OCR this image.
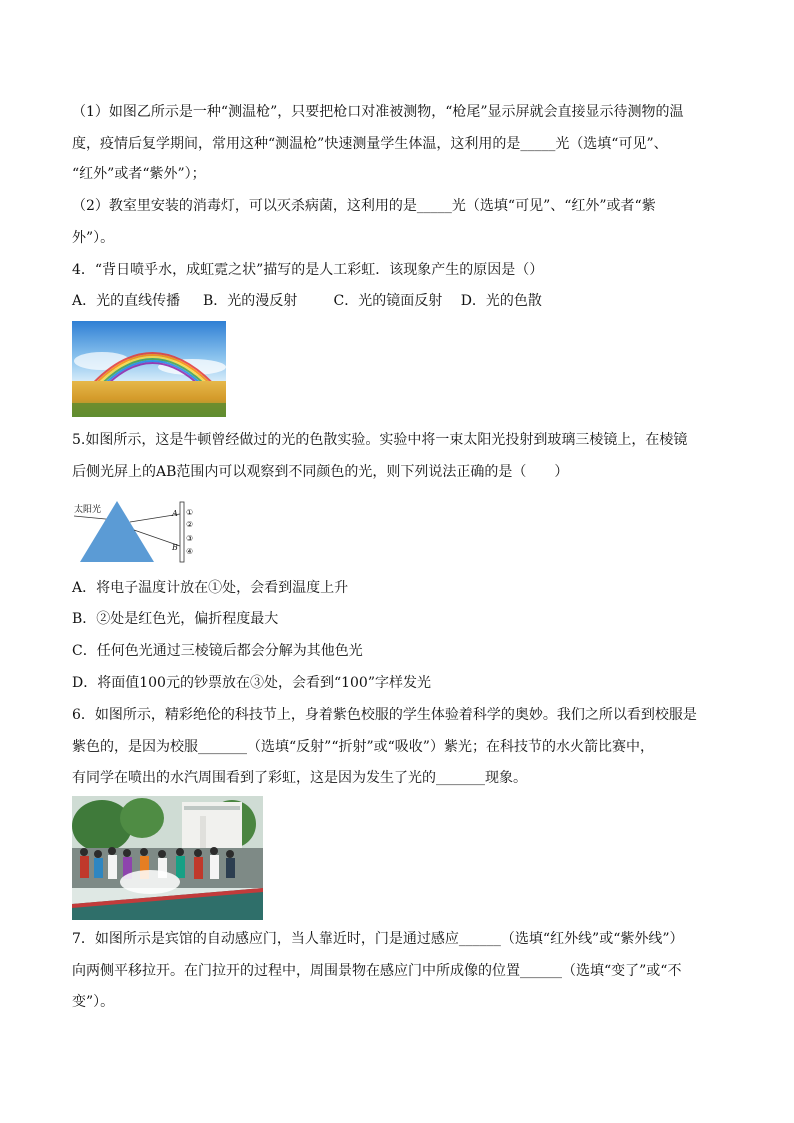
（1）如图乙所示是一种“测温枪”，只要把枪口对准被测物，“枪尾”显示屏就会直接显示待测物的温
度，疫情后复学期间，常用这种“测温枪”快速测量学生体温，这利用的是_____光（选填“可见”、
“红外”或者“紫外”）；
（2）教室里安装的消毒灯，可以灭杀病菌，这利用的是_____光（选填“可见”、“红外”或者“紫
外”）。
4．“背日喷乎水，成虹霓之状”描写的是人工彩虹．该现象产生的原因是（）
A．光的直线传播　  B．光的漫反射　     C．光的镜面反射　 D．光的色散
5.如图所示，这是牛顿曾经做过的光的色散实验。实验中将一束太阳光投射到玻璃三棱镜上，在棱镜
后侧光屏上的AB范围内可以观察到不同颜色的光，则下列说法正确的是（　　）
太阳光	A
B
①
②
③
④
A．将电子温度计放在①处，会看到温度上升
B．②处是红色光，偏折程度最大
C．任何色光通过三棱镜后都会分解为其他色光
D．将面值100元的钞票放在③处，会看到“100”字样发光
6．如图所示，精彩绝伦的科技节上，身着紫色校服的学生体验着科学的奥妙。我们之所以看到校服是
紫色的，是因为校服_______（选填“反射”“折射”或“吸收”）紫光；在科技节的水火箭比赛中，
有同学在喷出的水汽周围看到了彩虹，这是因为发生了光的_______现象。
7．如图所示是宾馆的自动感应门，当人靠近时，门是通过感应______（选填“红外线”或“紫外线”）
向两侧平移拉开。在门拉开的过程中，周围景物在感应门中所成像的位置______（选填“变了”或“不
变”）。
